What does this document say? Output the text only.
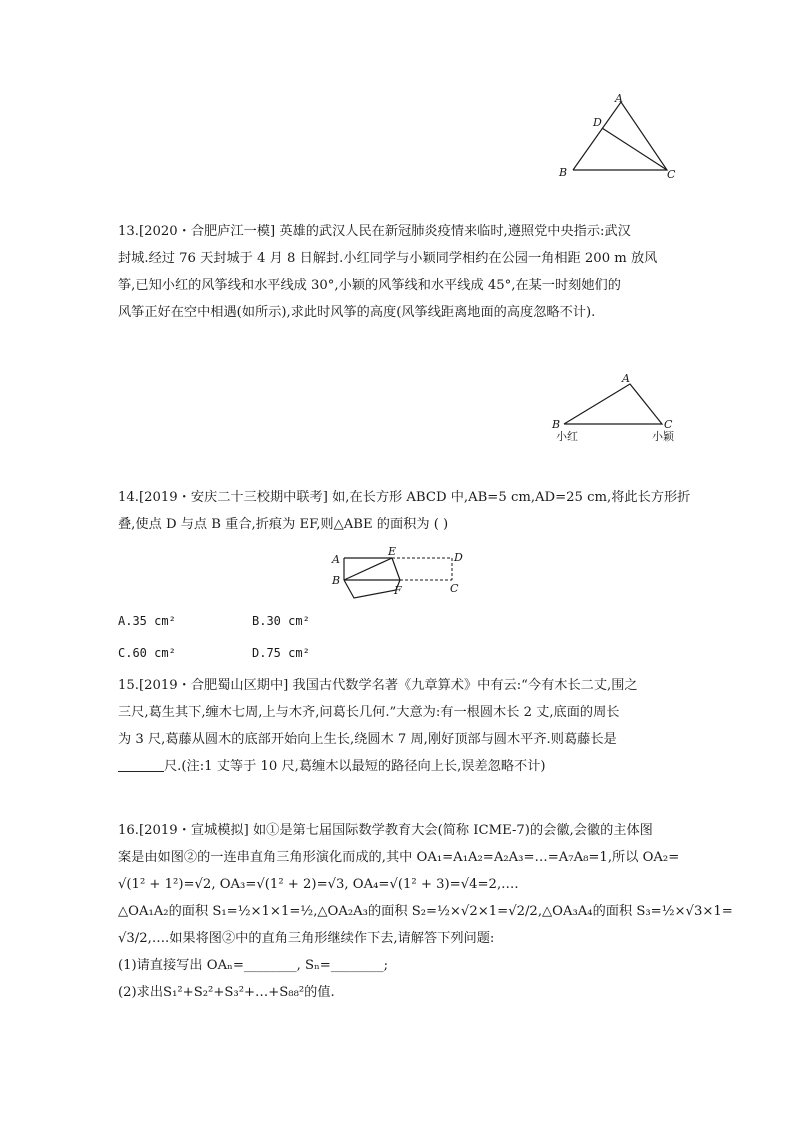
A
D
B	C
13.[2020・合肥庐江一模] 英雄的武汉人民在新冠肺炎疫情来临时,遵照党中央指示:武汉
封城.经过 76 天封城于 4 月 8 日解封.小红同学与小颖同学相约在公园一角相距 200 m 放风
筝,已知小红的风筝线和水平线成 30°,小颖的风筝线和水平线成 45°,在某一时刻她们的
风筝正好在空中相遇(如所示),求此时风筝的高度(风筝线距离地面的高度忽略不计).
A
B	C
小红	小颖
14.[2019・安庆二十三校期中联考] 如,在长方形 ABCD 中,AB=5 cm,AD=25 cm,将此长方形折
叠,使点 D 与点 B 重合,折痕为 EF,则△ABE 的面积为 ( )
A
B
E
F
D
C
A.35 cm²	B.30 cm²
C.60 cm²	D.75 cm²
15.[2019・合肥蜀山区期中] 我国古代数学名著《九章算术》中有云:“今有木长二丈,围之
三尺,葛生其下,缠木七周,上与木齐,问葛长几何.”大意为:有一根圆木长 2 丈,底面的周长
为 3 尺,葛藤从圆木的底部开始向上生长,绕圆木 7 周,刚好顶部与圆木平齐.则葛藤长是
尺.(注:1 丈等于 10 尺,葛缠木以最短的路径向上长,误差忽略不计)
16.[2019・宣城模拟] 如①是第七届国际数学教育大会(简称 ICME-7)的会徽,会徽的主体图
案是由如图②的一连串直角三角形演化而成的,其中 OA₁=A₁A₂=A₂A₃=…=A₇A₈=1,所以 OA₂=
√(1² + 1²)=√2, OA₃=√(1² + 2)=√3, OA₄=√(1² + 3)=√4=2,….
△OA₁A₂的面积 S₁=½×1×1=½,△OA₂A₃的面积 S₂=½×√2×1=√2/2,△OA₃A₄的面积 S₃=½×√3×1=
√3/2,….如果将图②中的直角三角形继续作下去,请解答下列问题:
(1)请直接写出 OAₙ=________, Sₙ=________;
(2)求出S₁²+S₂²+S₃²+…+S₈₈²的值.
